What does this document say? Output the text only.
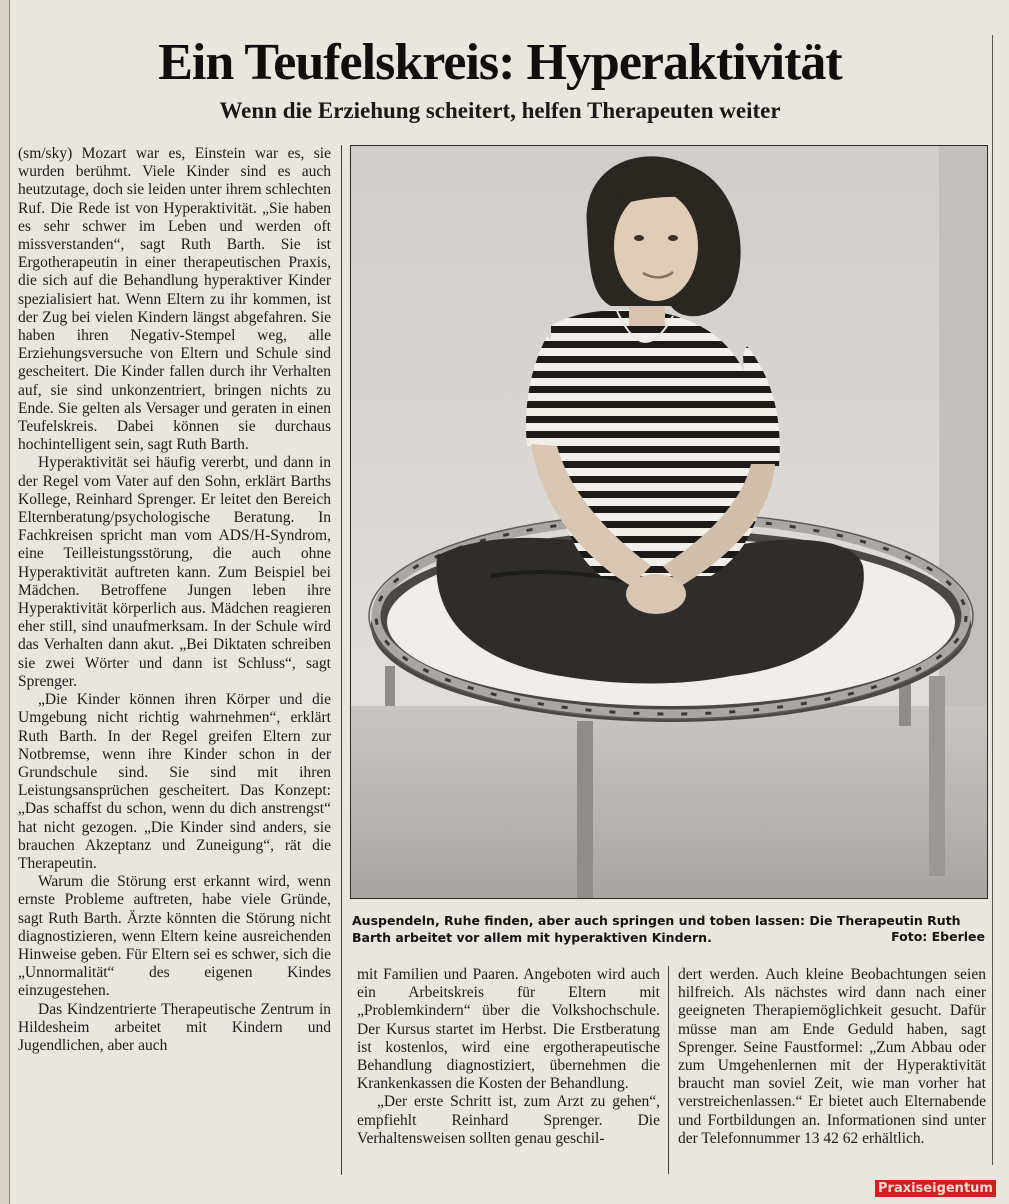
Ein Teufelskreis: Hyperaktivität
Wenn die Erziehung scheitert, helfen Therapeuten weiter

(sm/sky) Mozart war es, Einstein war es, sie wurden berühmt. Viele Kinder sind es auch heutzutage, doch sie leiden unter ihrem schlechten Ruf. Die Rede ist von Hyperaktivität. „Sie haben es sehr schwer im Leben und werden oft missverstanden“, sagt Ruth Barth. Sie ist Ergotherapeutin in einer therapeutischen Praxis, die sich auf die Behandlung hyperaktiver Kinder spezialisiert hat. Wenn Eltern zu ihr kommen, ist der Zug bei vielen Kindern längst abgefahren. Sie haben ihren Negativ-Stempel weg, alle Erziehungsversuche von Eltern und Schule sind gescheitert. Die Kinder fallen durch ihr Verhalten auf, sie sind unkonzentriert, bringen nichts zu Ende. Sie gelten als Versager und geraten in einen Teufelskreis. Dabei können sie durchaus hochintelligent sein, sagt Ruth Barth.

Hyperaktivität sei häufig vererbt, und dann in der Regel vom Vater auf den Sohn, erklärt Barths Kollege, Reinhard Sprenger. Er leitet den Bereich Elternberatung/psychologische Beratung. In Fachkreisen spricht man vom ADS/H-Syndrom, eine Teilleistungsstörung, die auch ohne Hyperaktivität auftreten kann. Zum Beispiel bei Mädchen. Betroffene Jungen leben ihre Hyperaktivität körperlich aus. Mädchen reagieren eher still, sind unaufmerksam. In der Schule wird das Verhalten dann akut. „Bei Diktaten schreiben sie zwei Wörter und dann ist Schluss“, sagt Sprenger.

„Die Kinder können ihren Körper und die Umgebung nicht richtig wahrnehmen“, erklärt Ruth Barth. In der Regel greifen Eltern zur Notbremse, wenn ihre Kinder schon in der Grundschule sind. Sie sind mit ihren Leistungsansprüchen gescheitert. Das Konzept: „Das schaffst du schon, wenn du dich anstrengst“ hat nicht gezogen. „Die Kinder sind anders, sie brauchen Akzeptanz und Zuneigung“, rät die Therapeutin.

Warum die Störung erst erkannt wird, wenn ernste Probleme auftreten, habe viele Gründe, sagt Ruth Barth. Ärzte könnten die Störung nicht diagnostizieren, wenn Eltern keine ausreichenden Hinweise geben. Für Eltern sei es schwer, sich die „Unnormalität“ des eigenen Kindes einzugestehen.

Das Kindzentrierte Therapeutische Zentrum in Hildesheim arbeitet mit Kindern und Jugendlichen, aber auch

Auspendeln, Ruhe finden, aber auch springen und toben lassen: Die Therapeutin Ruth Barth arbeitet vor allem mit hyperaktiven Kindern.	Foto: Eberlee

mit Familien und Paaren. Angeboten wird auch ein Arbeitskreis für Eltern mit „Problemkindern“ über die Volkshochschule. Der Kursus startet im Herbst. Die Erstberatung ist kostenlos, wird eine ergotherapeutische Behandlung diagnostiziert, übernehmen die Krankenkassen die Kosten der Behandlung.

„Der erste Schritt ist, zum Arzt zu gehen“, empfiehlt Reinhard Sprenger. Die Verhaltensweisen sollten genau geschil-

dert werden. Auch kleine Beobachtungen seien hilfreich. Als nächstes wird dann nach einer geeigneten Therapiemöglichkeit gesucht. Dafür müsse man am Ende Geduld haben, sagt Sprenger. Seine Faustformel: „Zum Abbau oder zum Umgehenlernen mit der Hyperaktivität braucht man soviel Zeit, wie man vorher hat verstreichenlassen.“ Er bietet auch Elternabende und Fortbildungen an. Informationen sind unter der Telefonnummer 13 42 62 erhältlich.

Praxiseigentum
